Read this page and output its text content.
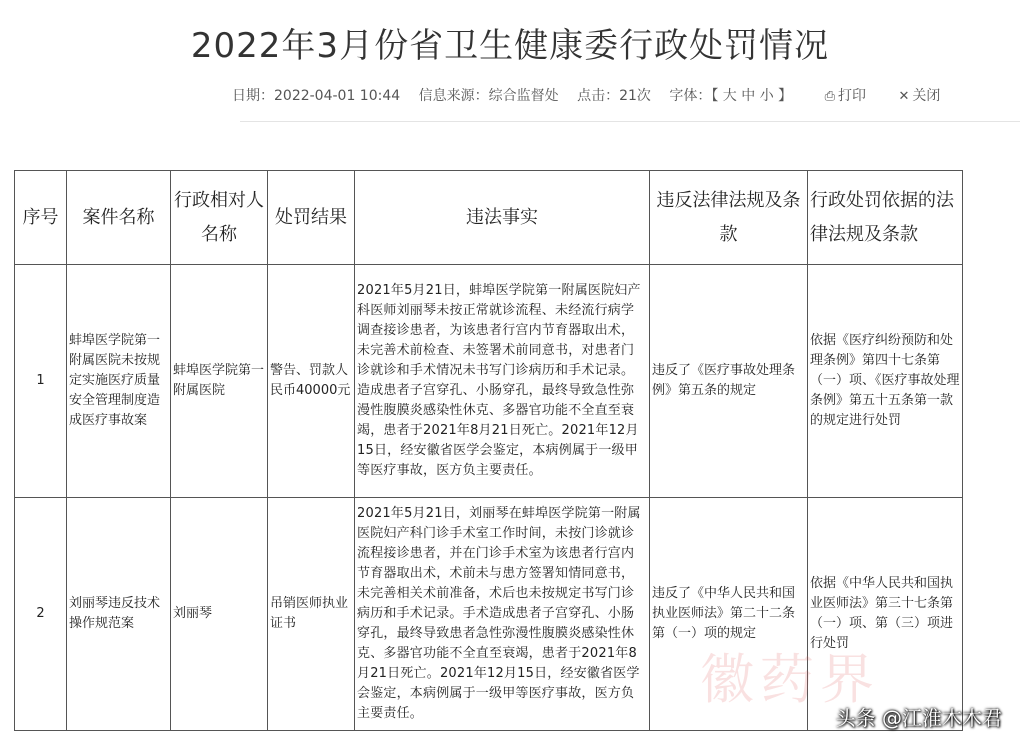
2022年3月份省卫生健康委行政处罚情况
日期：2022-04-01 10:44 信息来源：综合监督处 点击：21次 字体：【 大 中 小 】 ⎙ 打印 ✕ 关闭
序号	案件名称	行政相对人名称	处罚结果	违法事实	违反法律法规及条款	行政处罚依据的法律法规及条款
1	蚌埠医学院第一附属医院未按规定实施医疗质量安全管理制度造成医疗事故案	蚌埠医学院第一附属医院	警告、罚款人民币40000元	2021年5月21日，蚌埠医学院第一附属医院妇产科医师刘丽琴未按正常就诊流程、未经流行病学调查接诊患者，为该患者行宫内节育器取出术，未完善术前检查、未签署术前同意书，对患者门诊就诊和手术情况未书写门诊病历和手术记录。造成患者子宫穿孔、小肠穿孔，最终导致急性弥漫性腹膜炎感染性休克、多器官功能不全直至衰竭，患者于2021年8月21日死亡。2021年12月15日，经安徽省医学会鉴定，本病例属于一级甲等医疗事故，医方负主要责任。	违反了《医疗事故处理条例》第五条的规定	依据《医疗纠纷预防和处理条例》第四十七条第（一）项、《医疗事故处理条例》第五十五条第一款的规定进行处罚
2	刘丽琴违反技术操作规范案	刘丽琴	吊销医师执业证书	2021年5月21日，刘丽琴在蚌埠医学院第一附属医院妇产科门诊手术室工作时间，未按门诊就诊流程接诊患者，并在门诊手术室为该患者行宫内节育器取出术，术前未与患方签署知情同意书，未完善相关术前准备，术后也未按规定书写门诊病历和手术记录。手术造成患者子宫穿孔、小肠穿孔，最终导致患者急性弥漫性腹膜炎感染性休克、多器官功能不全直至衰竭，患者于2021年8月21日死亡。2021年12月15日，经安徽省医学会鉴定，本病例属于一级甲等医疗事故，医方负主要责任。	违反了《中华人民共和国执业医师法》第二十二条第（一）项的规定	依据《中华人民共和国执业医师法》第三十七条第（一）项、第（三）项进行处罚
徽药界
头条 @江淮木木君
